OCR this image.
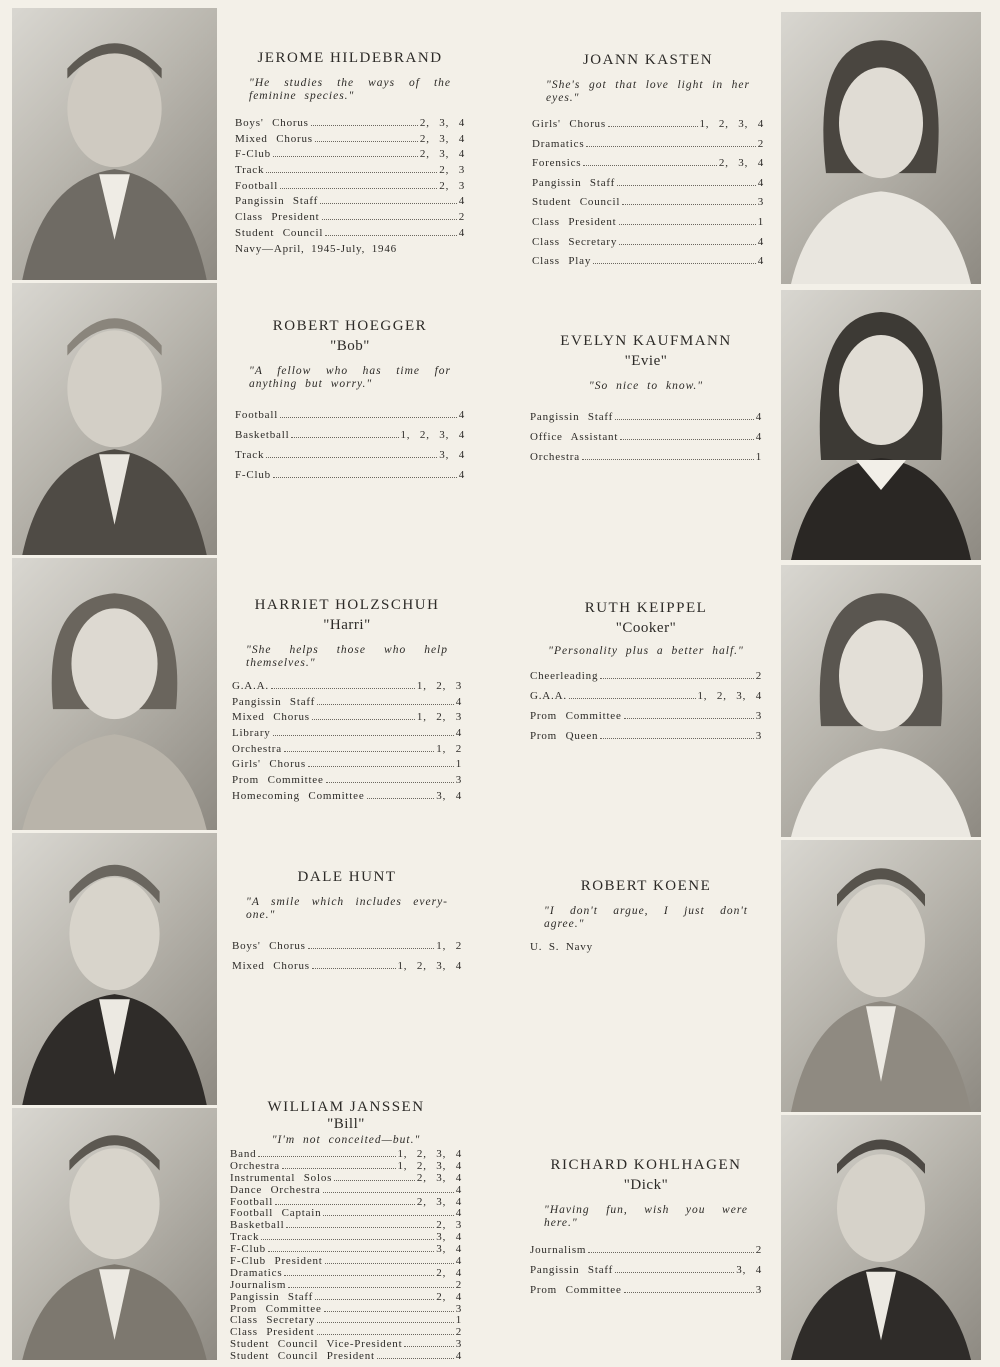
JEROME HILDEBRAND
"He studies the ways of the feminine species."
Boys' Chorus	2, 3, 4
Mixed Chorus	2, 3, 4
F-Club	2, 3, 4
Track	2, 3
Football	2, 3
Pangissin Staff	4
Class President	2
Student Council	4
Navy—April, 1945-July, 1946
ROBERT HOEGGER
"Bob"
"A fellow who has time for anything but worry."
Football	4
Basketball	1, 2, 3, 4
Track	3, 4
F-Club	4
HARRIET HOLZSCHUH
"Harri"
"She helps those who help themselves."
G.A.A.	1, 2, 3
Pangissin Staff	4
Mixed Chorus	1, 2, 3
Library	4
Orchestra	1, 2
Girls' Chorus	1
Prom Committee	3
Homecoming Committee	3, 4
DALE HUNT
"A smile which includes every-one."
Boys' Chorus	1, 2
Mixed Chorus	1, 2, 3, 4
WILLIAM JANSSEN
"Bill"
"I'm not conceited—but."
Band	1, 2, 3, 4
Orchestra	1, 2, 3, 4
Instrumental Solos	2, 3, 4
Dance Orchestra	4
Football	2, 3, 4
Football Captain	4
Basketball	2, 3
Track	3, 4
F-Club	3, 4
F-Club President	4
Dramatics	2, 4
Journalism	2
Pangissin Staff	2, 4
Prom Committee	3
Class Secretary	1
Class President	2
Student Council Vice-President	3
Student Council President	4
JOANN KASTEN
"She's got that love light in her eyes."
Girls' Chorus	1, 2, 3, 4
Dramatics	2
Forensics	2, 3, 4
Pangissin Staff	4
Student Council	3
Class President	1
Class Secretary	4
Class Play	4
EVELYN KAUFMANN
"Evie"
"So nice to know."
Pangissin Staff	4
Office Assistant	4
Orchestra	1
RUTH KEIPPEL
"Cooker"
"Personality plus a better half."
Cheerleading	2
G.A.A.	1, 2, 3, 4
Prom Committee	3
Prom Queen	3
ROBERT KOENE
"I don't argue, I just don't agree."
U. S. Navy
RICHARD KOHLHAGEN
"Dick"
"Having fun, wish you were here."
Journalism	2
Pangissin Staff	3, 4
Prom Committee	3
